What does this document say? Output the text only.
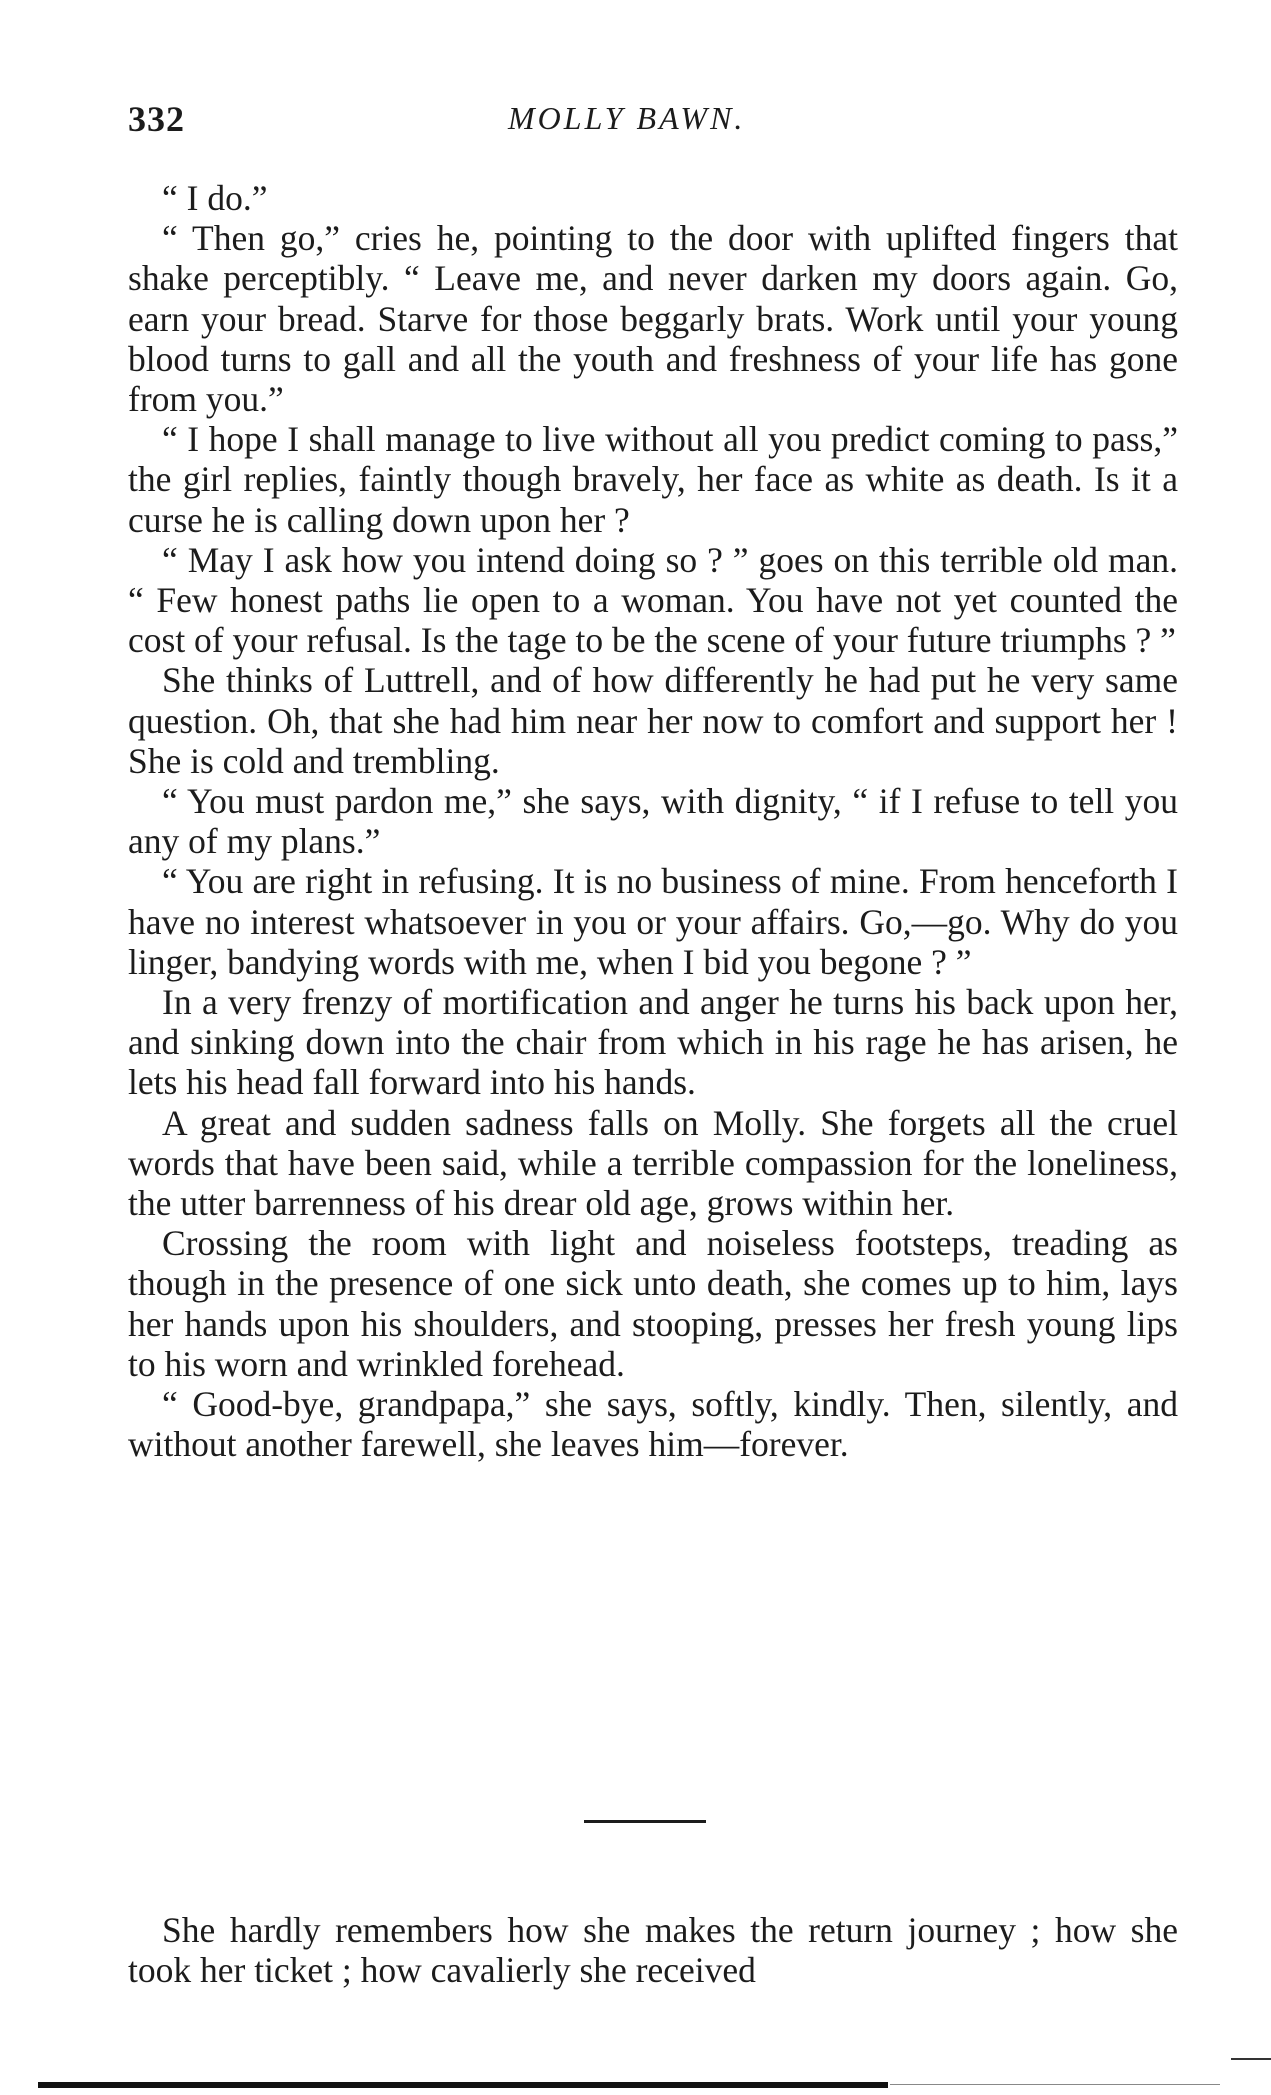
332	MOLLY BAWN.

“ I do.”

“ Then go,” cries he, pointing to the door with uplifted fingers that shake perceptibly. “ Leave me, and never darken my doors again. Go, earn your bread. Starve for those beggarly brats. Work until your young blood turns to gall and all the youth and freshness of your life has gone from you.”

“ I hope I shall manage to live without all you predict coming to pass,” the girl replies, faintly though bravely, her face as white as death. Is it a curse he is calling down upon her ?

“ May I ask how you intend doing so ? ” goes on this terrible old man. “ Few honest paths lie open to a woman. You have not yet counted the cost of your refusal. Is the tage to be the scene of your future triumphs ? ”

She thinks of Luttrell, and of how differently he had put he very same question. Oh, that she had him near her now to comfort and support her ! She is cold and trembling.

“ You must pardon me,” she says, with dignity, “ if I refuse to tell you any of my plans.”

“ You are right in refusing. It is no business of mine. From henceforth I have no interest whatsoever in you or your affairs. Go,—go. Why do you linger, bandying words with me, when I bid you begone ? ”

In a very frenzy of mortification and anger he turns his back upon her, and sinking down into the chair from which in his rage he has arisen, he lets his head fall forward into his hands.

A great and sudden sadness falls on Molly. She forgets all the cruel words that have been said, while a terrible compassion for the loneliness, the utter barrenness of his drear old age, grows within her.

Crossing the room with light and noiseless footsteps, treading as though in the presence of one sick unto death, she comes up to him, lays her hands upon his shoulders, and stooping, presses her fresh young lips to his worn and wrinkled forehead.

“ Good-bye, grandpapa,” she says, softly, kindly. Then, silently, and without another farewell, she leaves him—forever.

She hardly remembers how she makes the return journey ; how she took her ticket ; how cavalierly she received
